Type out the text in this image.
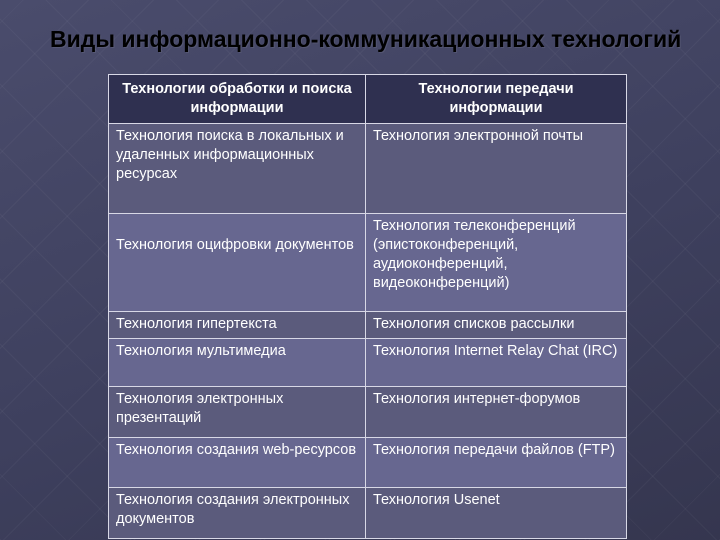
Виды информационно-коммуникационных технологий
Технологии обработки и поиска информации	Технологии передачи информации
Технология поиска в локальных и удаленных информационных ресурсах	Технология электронной почты
Технология оцифровки документов	Технология телеконференций (эпистоконференций, аудиоконференций, видеоконференций)
Технология гипертекста	Технология списков рассылки
Технология мультимедиа	Технология Internet Relay Chat (IRC)
Технология электронных презентаций	Технология интернет-форумов
Технология создания web-ресурсов	Технология передачи файлов (FTP)
Технология создания электронных документов	Технология Usenet
